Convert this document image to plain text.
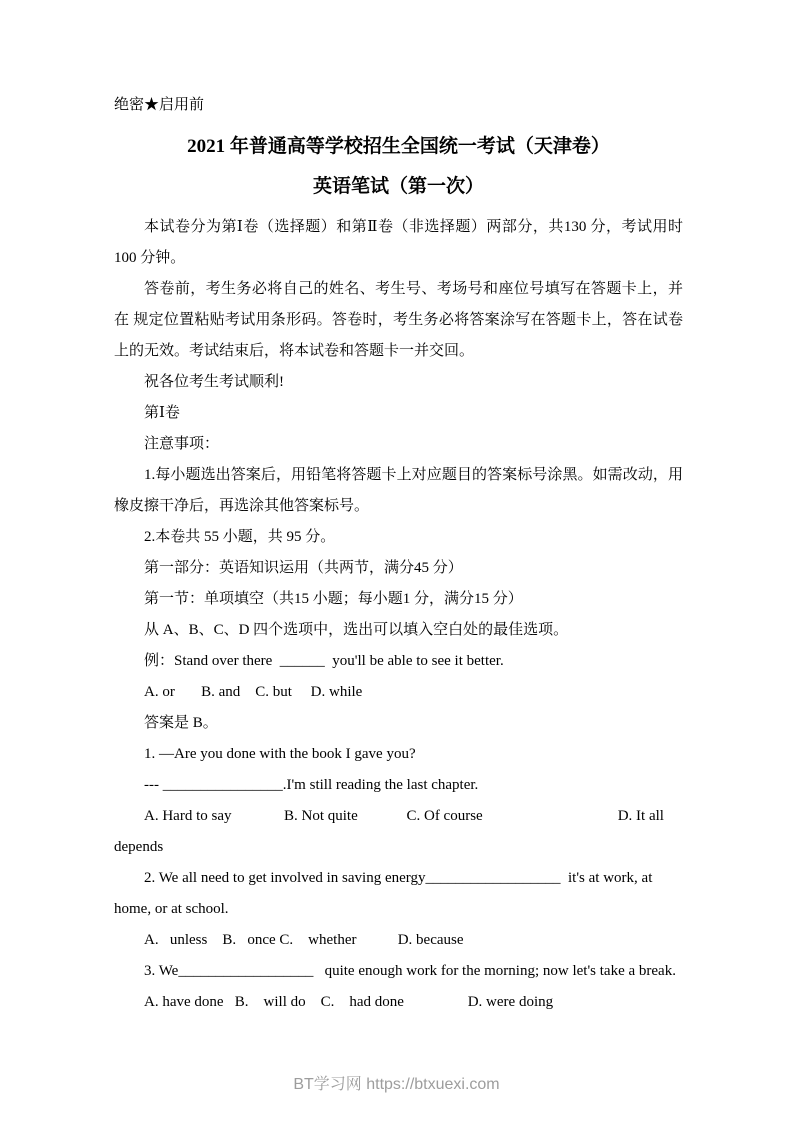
绝密★启用前

2021 年普通高等学校招生全国统一考试（天津卷）
英语笔试（第一次）

本试卷分为第Ⅰ卷（选择题）和第Ⅱ卷（非选择题）两部分，共130 分，考试用时 100 分钟。

答卷前，考生务必将自己的姓名、考生号、考场号和座位号填写在答题卡上，并在 规定位置粘贴考试用条形码。答卷时，考生务必将答案涂写在答题卡上，答在试卷上的无效。考试结束后，将本试卷和答题卡一并交回。

祝各位考生考试顺利!

第Ⅰ卷

注意事项：

1.每小题选出答案后，用铅笔将答题卡上对应题目的答案标号涂黑。如需改动，用 橡皮擦干净后，再选涂其他答案标号。

2.本卷共 55 小题，共 95 分。

第一部分：英语知识运用（共两节，满分45 分）

第一节：单项填空（共15 小题；每小题1 分，满分15 分）

从 A、B、C、D 四个选项中，选出可以填入空白处的最佳选项。

例：Stand over there  ______  you'll be able to see it better.

A. or       B. and    C. but     D. while

答案是 B。

1. —Are you done with the book I gave you?

--- ________________.I'm still reading the last chapter.

A. Hard to say              B. Not quite             C. Of course                                    D. It all depends

2. We all need to get involved in saving energy__________________  it's at work, at home, or at school.

A.   unless    B.   once C.    whether           D. because

3. We__________________   quite enough work for the morning; now let's take a break.

A. have done   B.    will do    C.    had done                 D. were doing

BT学习网 https://btxuexi.com
